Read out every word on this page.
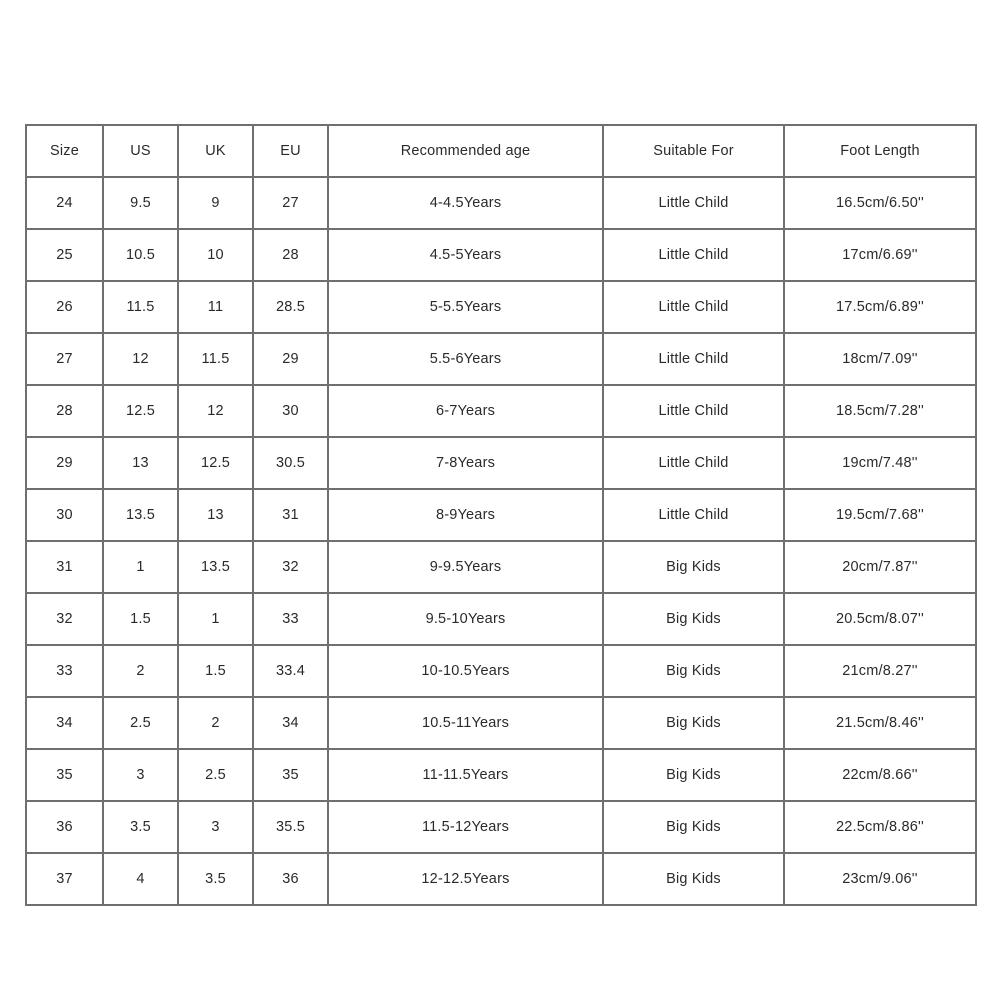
Size	US	UK	EU	Recommended age	Suitable For	Foot Length
24	9.5	9	27	4-4.5Years	Little Child	16.5cm/6.50''
25	10.5	10	28	4.5-5Years	Little Child	17cm/6.69''
26	11.5	11	28.5	5-5.5Years	Little Child	17.5cm/6.89''
27	12	11.5	29	5.5-6Years	Little Child	18cm/7.09''
28	12.5	12	30	6-7Years	Little Child	18.5cm/7.28''
29	13	12.5	30.5	7-8Years	Little Child	19cm/7.48''
30	13.5	13	31	8-9Years	Little Child	19.5cm/7.68''
31	1	13.5	32	9-9.5Years	Big Kids	20cm/7.87''
32	1.5	1	33	9.5-10Years	Big Kids	20.5cm/8.07''
33	2	1.5	33.4	10-10.5Years	Big Kids	21cm/8.27''
34	2.5	2	34	10.5-11Years	Big Kids	21.5cm/8.46''
35	3	2.5	35	11-11.5Years	Big Kids	22cm/8.66''
36	3.5	3	35.5	11.5-12Years	Big Kids	22.5cm/8.86''
37	4	3.5	36	12-12.5Years	Big Kids	23cm/9.06''
